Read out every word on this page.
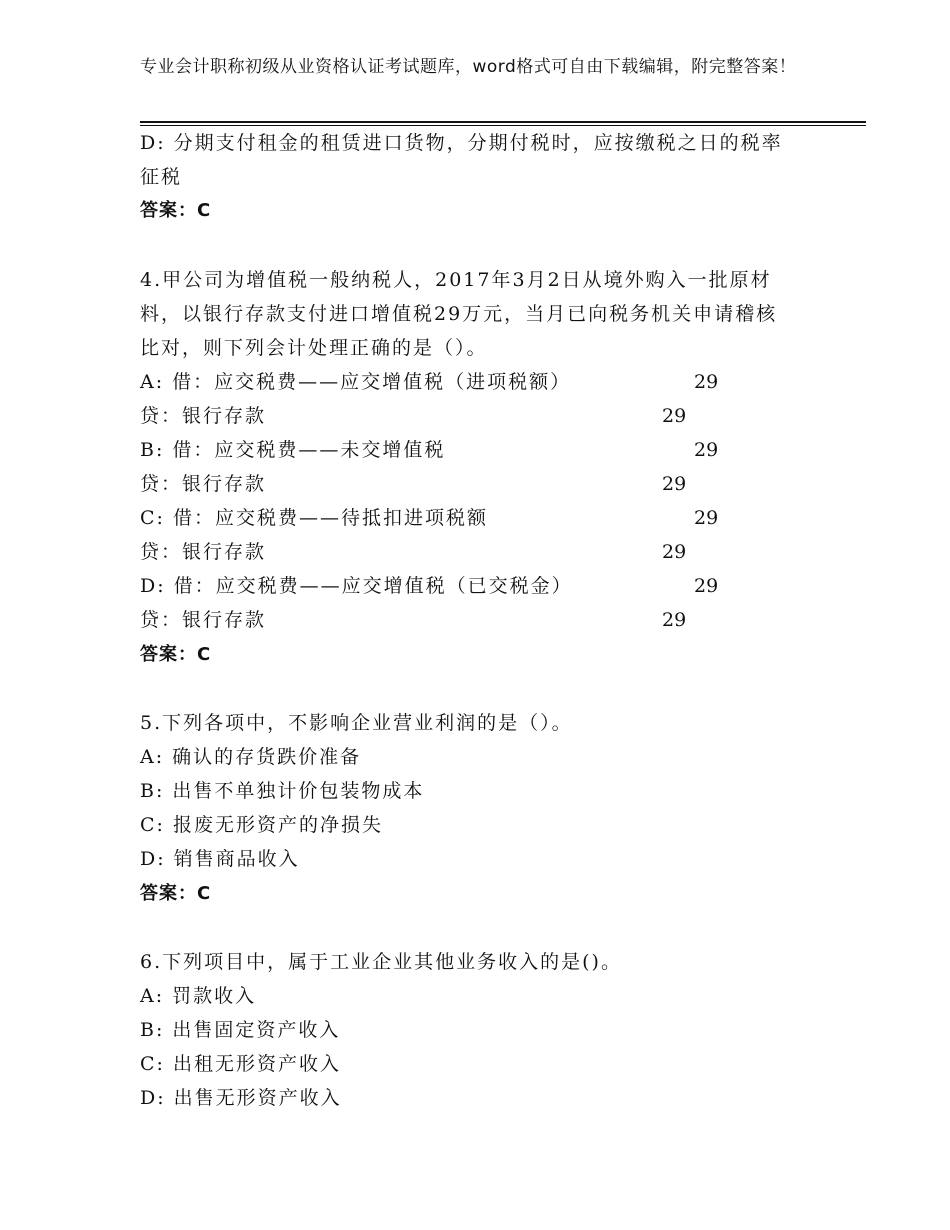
专业会计职称初级从业资格认证考试题库，word格式可自由下载编辑，附完整答案！
D: 分期支付租金的租赁进口货物，分期付税时，应按缴税之日的税率
征税
答案：C
4.甲公司为增值税一般纳税人，2017年3月2日从境外购入一批原材
料，以银行存款支付进口增值税29万元，当月已向税务机关申请稽核
比对，则下列会计处理正确的是（）。
A: 借：应交税费——应交增值税（进项税额）	29
贷：银行存款	29
B: 借：应交税费——未交增值税	29
贷：银行存款	29
C: 借：应交税费——待抵扣进项税额	29
贷：银行存款	29
D: 借：应交税费——应交增值税（已交税金）	29
贷：银行存款	29
答案：C
5.下列各项中，不影响企业营业利润的是（）。
A: 确认的存货跌价准备
B: 出售不单独计价包装物成本
C: 报废无形资产的净损失
D: 销售商品收入
答案：C
6.下列项目中，属于工业企业其他业务收入的是()。
A: 罚款收入
B: 出售固定资产收入
C: 出租无形资产收入
D: 出售无形资产收入
